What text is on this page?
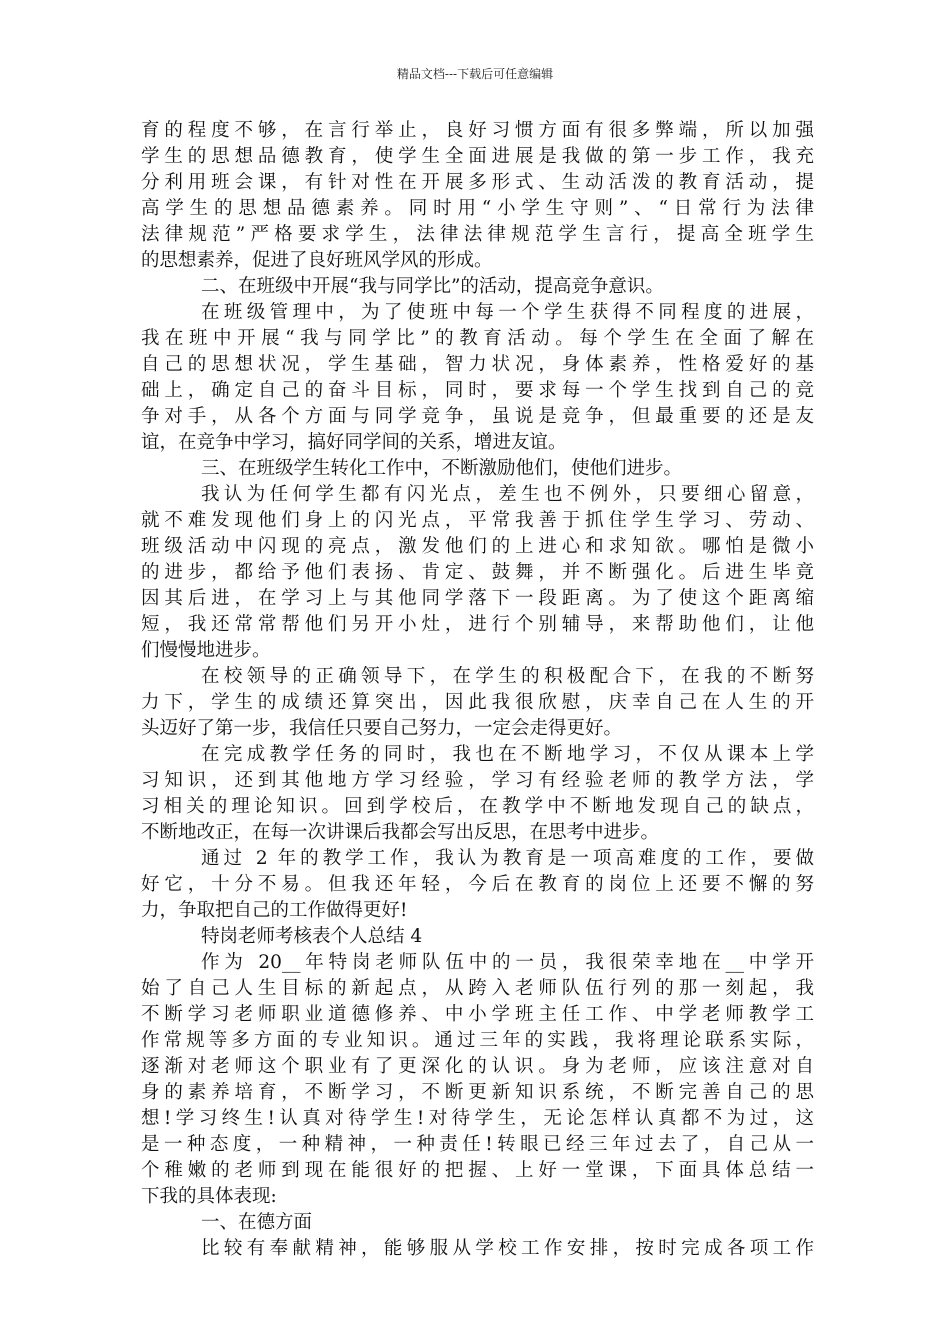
精品文档---下载后可任意编辑
育的程度不够，在言行举止，良好习惯方面有很多弊端，所以加强
学生的思想品德教育，使学生全面进展是我做的第一步工作，我充
分利用班会课，有针对性在开展多形式、生动活泼的教育活动，提
高学生的思想品德素养。同时用“小学生守则”、“日常行为法律
法律规范”严格要求学生，法律法律规范学生言行，提高全班学生
的思想素养，促进了良好班风学风的形成。
二、在班级中开展“我与同学比”的活动，提高竞争意识。
在班级管理中，为了使班中每一个学生获得不同程度的进展，
我在班中开展“我与同学比”的教育活动。每个学生在全面了解在
自己的思想状况，学生基础，智力状况，身体素养，性格爱好的基
础上，确定自己的奋斗目标，同时，要求每一个学生找到自己的竞
争对手，从各个方面与同学竞争，虽说是竞争，但最重要的还是友
谊，在竞争中学习，搞好同学间的关系，增进友谊。
三、在班级学生转化工作中，不断激励他们，使他们进步。
我认为任何学生都有闪光点，差生也不例外，只要细心留意，
就不难发现他们身上的闪光点，平常我善于抓住学生学习、劳动、
班级活动中闪现的亮点，激发他们的上进心和求知欲。哪怕是微小
的进步，都给予他们表扬、肯定、鼓舞，并不断强化。后进生毕竟
因其后进，在学习上与其他同学落下一段距离。为了使这个距离缩
短，我还常常帮他们另开小灶，进行个别辅导，来帮助他们，让他
们慢慢地进步。
在校领导的正确领导下，在学生的积极配合下，在我的不断努
力下，学生的成绩还算突出，因此我很欣慰，庆幸自己在人生的开
头迈好了第一步，我信任只要自己努力，一定会走得更好。
在完成教学任务的同时，我也在不断地学习，不仅从课本上学
习知识，还到其他地方学习经验，学习有经验老师的教学方法，学
习相关的理论知识。回到学校后，在教学中不断地发现自己的缺点，
不断地改正，在每一次讲课后我都会写出反思，在思考中进步。
通过 2 年的教学工作，我认为教育是一项高难度的工作，要做
好它，十分不易。但我还年轻，今后在教育的岗位上还要不懈的努
力，争取把自己的工作做得更好!
特岗老师考核表个人总结 4
作为 20__年特岗老师队伍中的一员，我很荣幸地在__中学开
始了自己人生目标的新起点，从跨入老师队伍行列的那一刻起，我
不断学习老师职业道德修养、中小学班主任工作、中学老师教学工
作常规等多方面的专业知识。通过三年的实践，我将理论联系实际，
逐渐对老师这个职业有了更深化的认识。身为老师，应该注意对自
身的素养培育，不断学习，不断更新知识系统，不断完善自己的思
想!学习终生!认真对待学生!对待学生，无论怎样认真都不为过，这
是一种态度，一种精神，一种责任!转眼已经三年过去了，自己从一
个稚嫩的老师到现在能很好的把握、上好一堂课，下面具体总结一
下我的具体表现:
一、在德方面
比较有奉献精神，能够服从学校工作安排，按时完成各项工作
